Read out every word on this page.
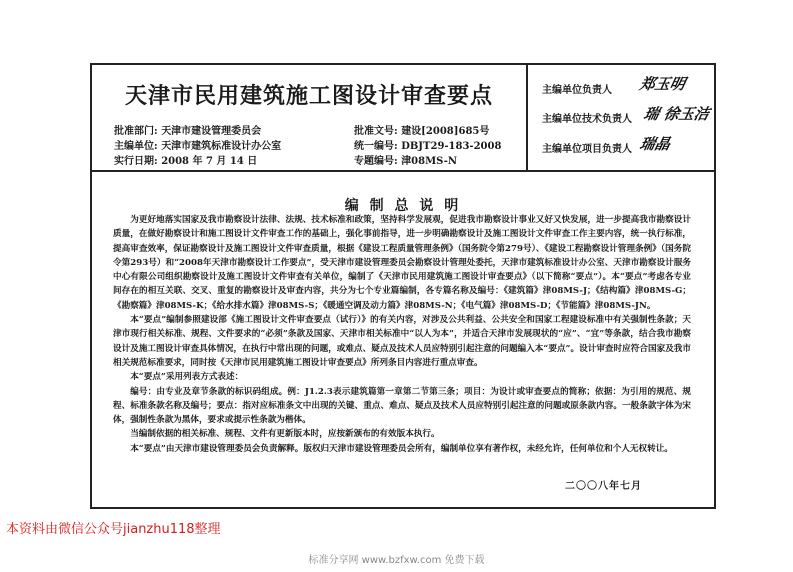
天津市民用建筑施工图设计审查要点
批准部门: 天津市建设管理委员会
主编单位: 天津市建筑标准设计办公室
实行日期: 2008 年 7 月 14 日
批准文号: 建设[2008]685号
统一编号: DBJT29-183-2008
专题编号: 津08MS-N
主编单位负责人 郑玉明
主编单位技术负责人 瑞 徐玉洁
主编单位项目负责人 瑞晶
编 制 总 说 明

为更好地落实国家及我市勘察设计法律、法规、技术标准和政策，坚持科学发展观，促进我市勘察设计事业又好又快发展，进一步提高我市勘察设计质量，在做好勘察设计和施工图设计文件审查工作的基础上，强化事前指导，进一步明确勘察设计及施工图设计文件审查工作主要内容，统一执行标准，提高审查效率，保证勘察设计及施工图设计文件审查质量，根据《建设工程质量管理条例》（国务院令第279号）、《建设工程勘察设计管理条例》（国务院令第293号）和“2008年天津市勘察设计工作要点”，受天津市建设管理委员会勘察设计管理处委托，天津市建筑标准设计办公室、天津市勘察设计服务中心有限公司组织勘察设计及施工图设计文件审查有关单位，编制了《天津市民用建筑施工图设计审查要点》（以下简称“要点”）。本“要点”考虑各专业间存在的相互关联、交叉、重复的勘察设计及审查内容，共分为七个专业篇编制，各专篇名称及编号：《建筑篇》津08MS-J；《结构篇》津08MS-G；《勘察篇》津08MS-K；《给水排水篇》津08MS-S；《暖通空调及动力篇》津08MS-N；《电气篇》津08MS-D；《节能篇》津08MS-JN。

本“要点”编制参照建设部《施工图设计文件审查要点（试行）》的有关内容，对涉及公共利益、公共安全和国家工程建设标准中有关强制性条款；天津市现行相关标准、规程、文件要求的“必须”条款及国家、天津市相关标准中“以人为本”，并适合天津市发展现状的“应”、“宜”等条款，结合我市勘察设计及施工图设计审查具体情况，在执行中常出现的问题，或难点、疑点及技术人员应特别引起注意的问题编入本“要点”。设计审查时应符合国家及我市相关规范标准要求，同时按《天津市民用建筑施工图设计审查要点》所列条目内容进行重点审查。

本“要点”采用列表方式表述：

编号：由专业及章节条款的标识码组成。例：J1.2.3表示建筑篇第一章第二节第三条；项目：为设计或审查要点的简称；依据：为引用的规范、规程、标准条款名称及编号；要点：指对应标准条文中出现的关键、重点、难点、疑点及技术人员应特别引起注意的问题或原条款内容。一般条款字体为宋体，强制性条款为黑体，要求或提示性条款为楷体。

当编制依据的相关标准、规程、文件有更新版本时，应按新颁布的有效版本执行。

本“要点”由天津市建设管理委员会负责解释。版权归天津市建设管理委员会所有，编制单位享有著作权，未经允许，任何单位和个人无权转让。

二〇〇八年七月
本资料由微信公众号jianzhu118整理
标准分享网 www.bzfxw.com 免费下载
